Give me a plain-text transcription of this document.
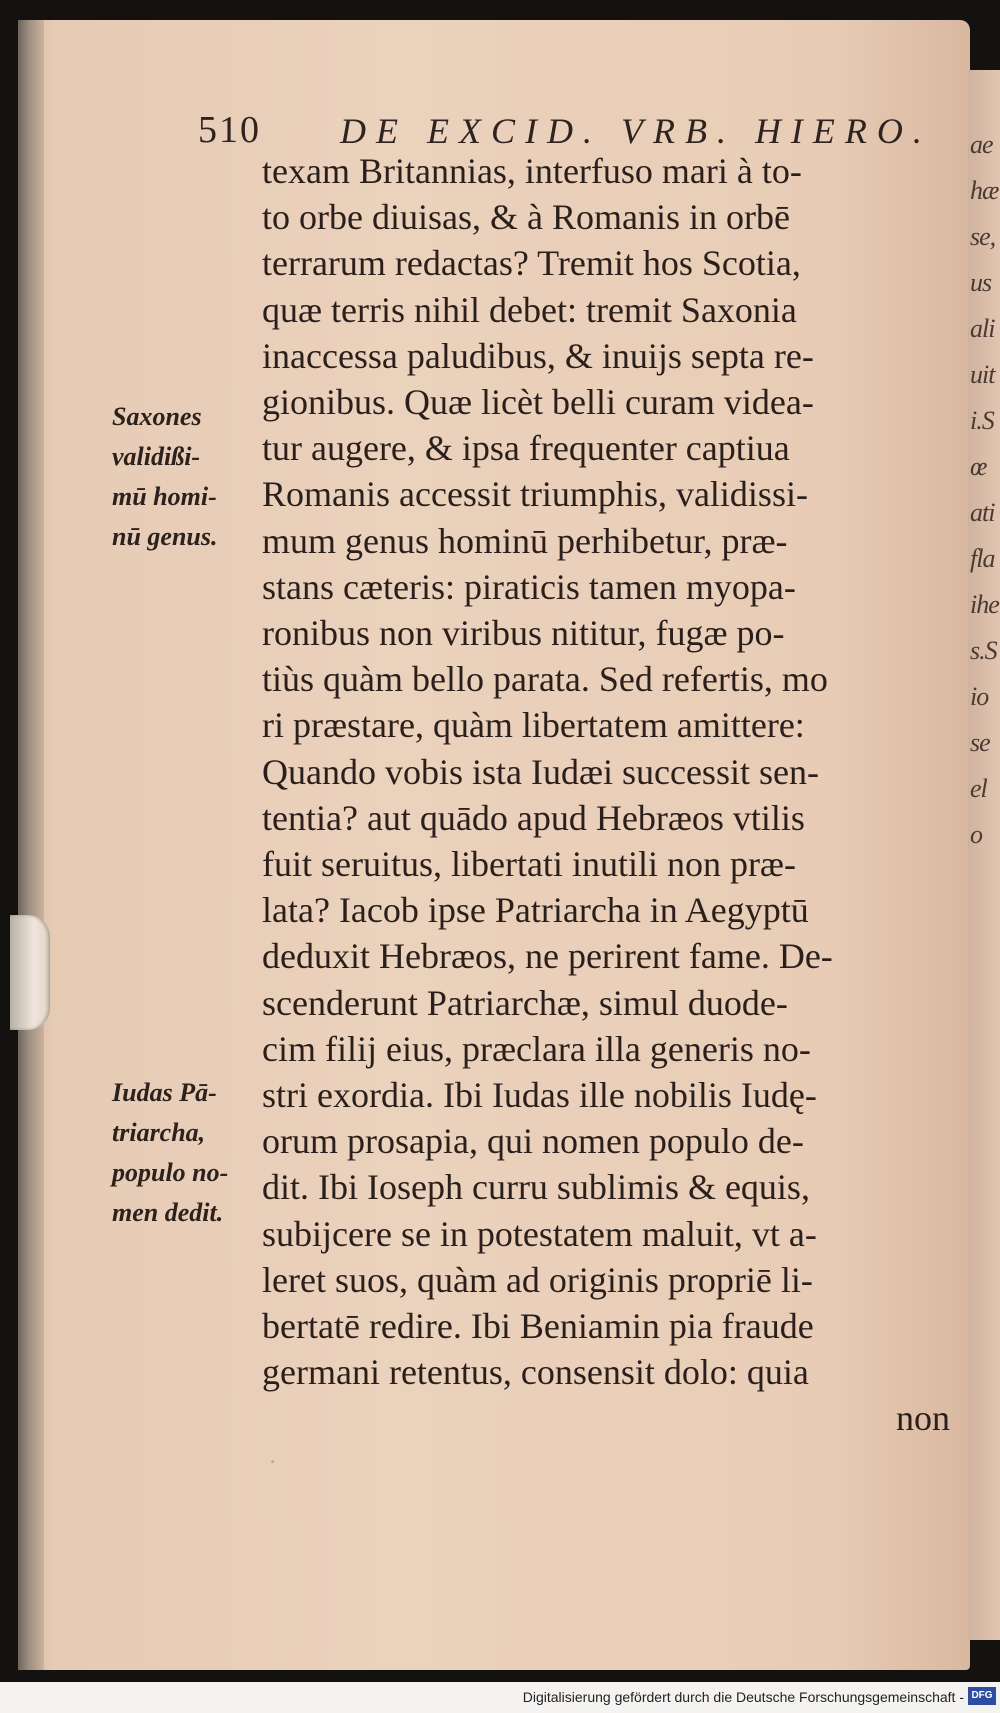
ae
hæ
se,
us
ali
uit
i.S
œ
ati
fla
ihe
s.S
io
se
el
o
510 DE EXCID. VRB. HIERO.
texam Britannias, interfuso mari à to-
to orbe diuisas, & à Romanis in orbē
terrarum redactas? Tremit hos Scotia,
quæ terris nihil debet: tremit Saxonia
inaccessa paludibus, & inuijs septa re-
gionibus. Quæ licèt belli curam videa-
tur augere, & ipsa frequenter captiua
Romanis accessit triumphis, validissi-
mum genus hominū perhibetur, præ-
stans cæteris: piraticis tamen myopa-
ronibus non viribus nititur, fugæ po-
tiùs quàm bello parata. Sed refertis, mo
ri præstare, quàm libertatem amittere:
Quando vobis ista Iudæi successit sen-
tentia? aut quādo apud Hebræos vtilis
fuit seruitus, libertati inutili non præ-
lata? Iacob ipse Patriarcha in Aegyptū
deduxit Hebræos, ne perirent fame. De-
scenderunt Patriarchæ, simul duode-
cim filij eius, præclara illa generis no-
stri exordia. Ibi Iudas ille nobilis Iudę-
orum prosapia, qui nomen populo de-
dit. Ibi Ioseph curru sublimis & equis,
subijcere se in potestatem maluit, vt a-
leret suos, quàm ad originis propriē li-
bertatē redire. Ibi Beniamin pia fraude
germani retentus, consensit dolo: quia
non
Saxones
validißi-
mū homi-
nū genus.
Iudas Pā-
triarcha,
populo no-
men dedit.
.
Digitalisierung gefördert durch die Deutsche Forschungsgemeinschaft - DFG
